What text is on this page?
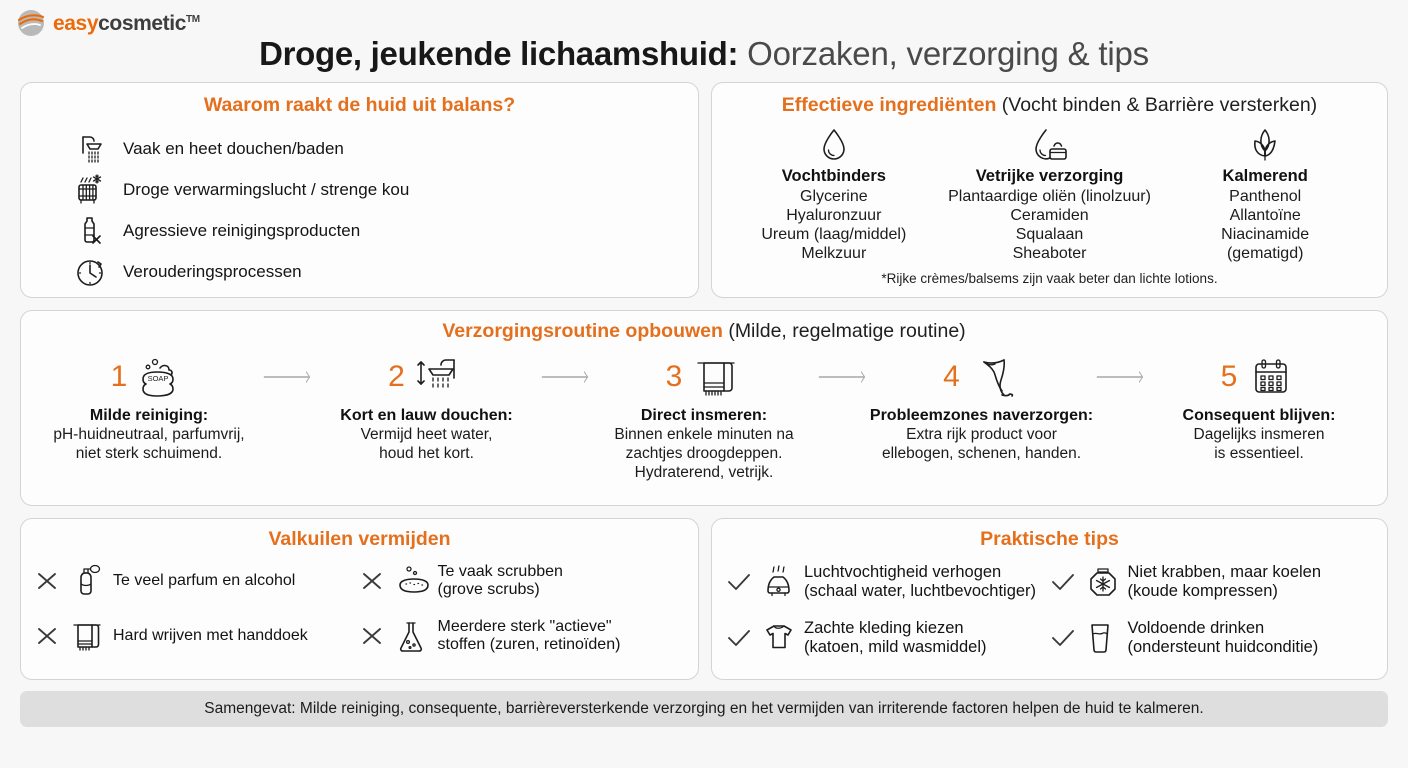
easycosmetic™
Droge, jeukende lichaamshuid: Oorzaken, verzorging & tips
Waarom raakt de huid uit balans?
Vaak en heet douchen/baden
Droge verwarmingslucht / strenge kou
Agressieve reinigingsproducten
Verouderingsprocessen
Effectieve ingrediënten (Vocht binden & Barrière versterken)
Vochtbinders
Glycerine
Hyaluronzuur
Ureum (laag/middel)
Melkzuur
Vetrijke verzorging
Plantaardige oliën (linolzuur)
Ceramiden
Squalaan
Sheaboter
Kalmerend
Panthenol
Allantoïne
Niacinamide
(gematigd)
*Rijke crèmes/balsems zijn vaak beter dan lichte lotions.
Verzorgingsroutine opbouwen (Milde, regelmatige routine)
1	SOAP
Milde reiniging:
pH-huidneutraal, parfumvrij,
niet sterk schuimend.
2
Kort en lauw douchen:
Vermijd heet water,
houd het kort.
3
Direct insmeren:
Binnen enkele minuten na
zachtjes droogdeppen.
Hydraterend, vetrijk.
4
Probleemzones naverzorgen:
Extra rijk product voor
ellebogen, schenen, handen.
5
Consequent blijven:
Dagelijks insmeren
is essentieel.
Valkuilen vermijden
Te veel parfum en alcohol
Te vaak scrubben
(grove scrubs)
Hard wrijven met handdoek
Meerdere sterk "actieve"
stoffen (zuren, retinoïden)
Praktische tips
Luchtvochtigheid verhogen
(schaal water, luchtbevochtiger)
Niet krabben, maar koelen
(koude kompressen)
Zachte kleding kiezen
(katoen, mild wasmiddel)
Voldoende drinken
(ondersteunt huidconditie)
Samengevat: Milde reiniging, consequente, barrièreversterkende verzorging en het vermijden van irriterende factoren helpen de huid te kalmeren.
